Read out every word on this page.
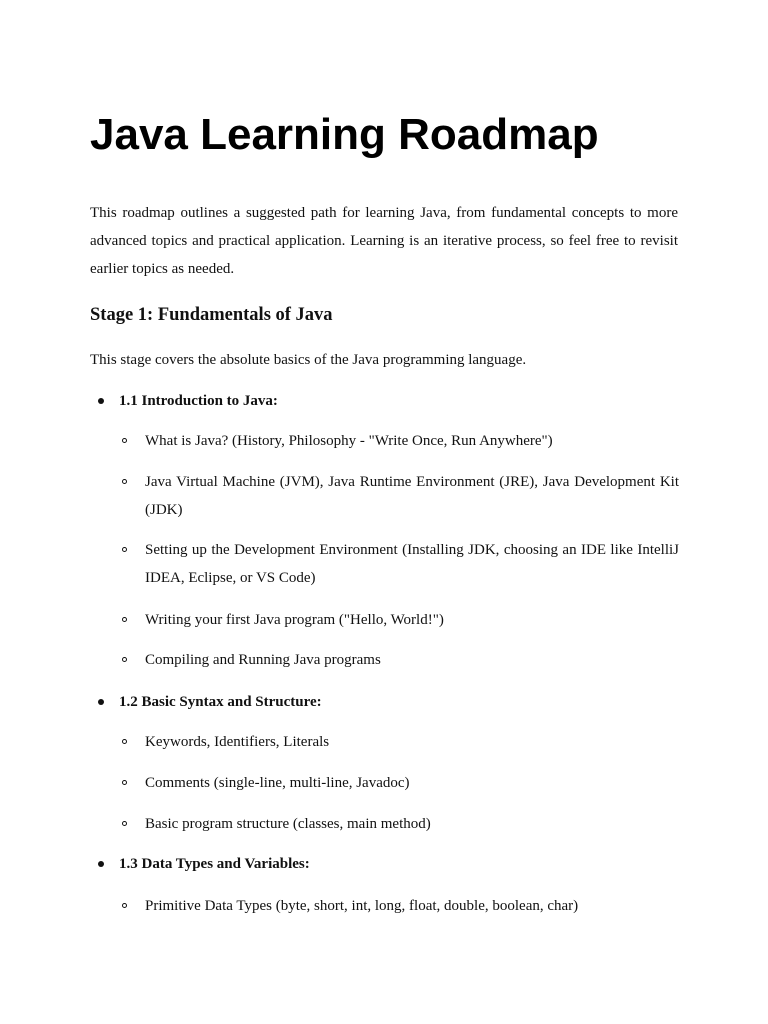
Java Learning Roadmap

This roadmap outlines a suggested path for learning Java, from fundamental concepts to more advanced topics and practical application. Learning is an iterative process, so feel free to revisit earlier topics as needed.

Stage 1: Fundamentals of Java

This stage covers the absolute basics of the Java programming language.

1.1 Introduction to Java:
What is Java? (History, Philosophy - "Write Once, Run Anywhere")
Java Virtual Machine (JVM), Java Runtime Environment (JRE), Java Development Kit (JDK)
Setting up the Development Environment (Installing JDK, choosing an IDE like IntelliJ IDEA, Eclipse, or VS Code)
Writing your first Java program ("Hello, World!")
Compiling and Running Java programs
1.2 Basic Syntax and Structure:
Keywords, Identifiers, Literals
Comments (single-line, multi-line, Javadoc)
Basic program structure (classes, main method)
1.3 Data Types and Variables:
Primitive Data Types (byte, short, int, long, float, double, boolean, char)
